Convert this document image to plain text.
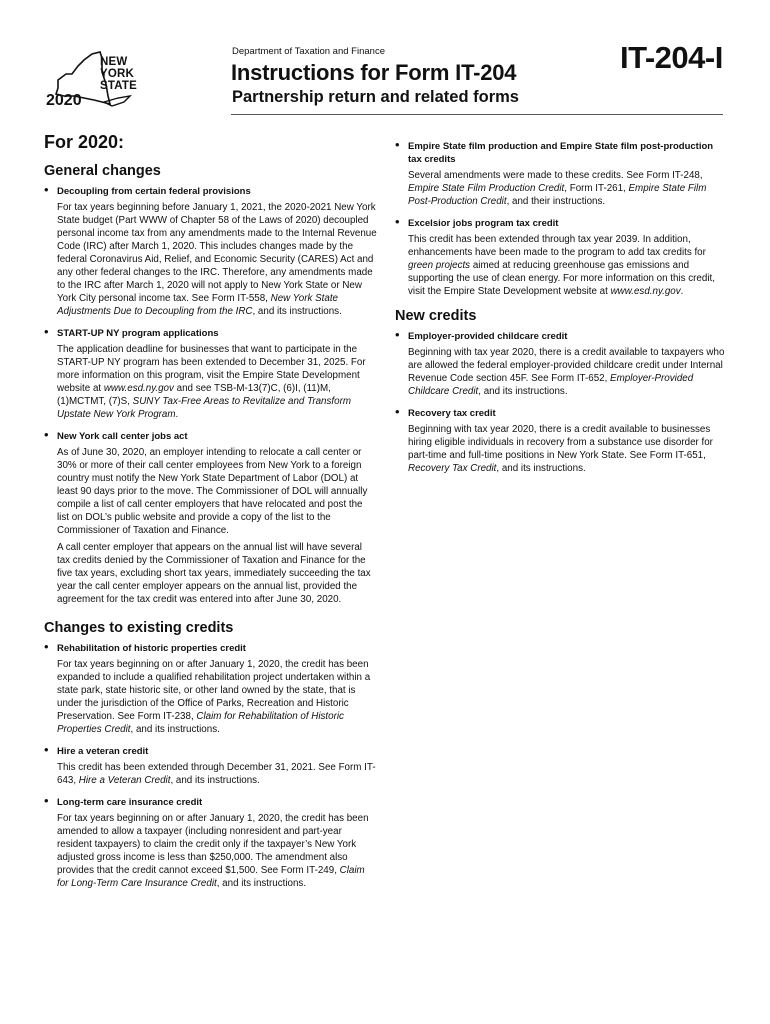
NEW
YORK
STATE
2020
Department of Taxation and Finance
Instructions for Form IT-204
Partnership return and related forms
IT-204-I
For 2020:
General changes
• Decoupling from certain federal provisions

For tax years beginning before January 1, 2021, the 2020-2021 New York State budget (Part WWW of Chapter 58 of the Laws of 2020) decoupled personal income tax from any amendments made to the Internal Revenue Code (IRC) after March 1, 2020. This includes changes made by the federal Coronavirus Aid, Relief, and Economic Security (CARES) Act and any other federal changes to the IRC. Therefore, any amendments made to the IRC after March 1, 2020 will not apply to New York State or New York City personal income tax. See Form IT-558, New York State Adjustments Due to Decoupling from the IRC, and its instructions.

• START-UP NY program applications

The application deadline for businesses that want to participate in the START-UP NY program has been extended to December 31, 2025. For more information on this program, visit the Empire State Development website at www.esd.ny.gov and see TSB-M-13(7)C, (6)I, (11)M, (1)MCTMT, (7)S, SUNY Tax-Free Areas to Revitalize and Transform Upstate New York Program.

• New York call center jobs act

As of June 30, 2020, an employer intending to relocate a call center or 30% or more of their call center employees from New York to a foreign country must notify the New York State Department of Labor (DOL) at least 90 days prior to the move. The Commissioner of DOL will annually compile a list of call center employers that have relocated and post the list on DOL’s public website and provide a copy of the list to the Commissioner of Taxation and Finance.

A call center employer that appears on the annual list will have several tax credits denied by the Commissioner of Taxation and Finance for the five tax years, excluding short tax years, immediately succeeding the tax year the call center employer appears on the annual list, provided the agreement for the tax credit was entered into after June 30, 2020.

Changes to existing credits
• Rehabilitation of historic properties credit

For tax years beginning on or after January 1, 2020, the credit has been expanded to include a qualified rehabilitation project undertaken within a state park, state historic site, or other land owned by the state, that is under the jurisdiction of the Office of Parks, Recreation and Historic Preservation. See Form IT-238, Claim for Rehabilitation of Historic Properties Credit, and its instructions.

• Hire a veteran credit

This credit has been extended through December 31, 2021. See Form IT-643, Hire a Veteran Credit, and its instructions.

• Long-term care insurance credit

For tax years beginning on or after January 1, 2020, the credit has been amended to allow a taxpayer (including nonresident and part-year resident taxpayers) to claim the credit only if the taxpayer’s New York adjusted gross income is less than $250,000. The amendment also provides that the credit cannot exceed $1,500. See Form IT-249, Claim for Long-Term Care Insurance Credit, and its instructions.

• Empire State film production and Empire State film post-production tax credits

Several amendments were made to these credits. See Form IT-248, Empire State Film Production Credit, Form IT-261, Empire State Film Post-Production Credit, and their instructions.

• Excelsior jobs program tax credit

This credit has been extended through tax year 2039. In addition, enhancements have been made to the program to add tax credits for green projects aimed at reducing greenhouse gas emissions and supporting the use of clean energy. For more information on this credit, visit the Empire State Development website at www.esd.ny.gov.

New credits
• Employer-provided childcare credit

Beginning with tax year 2020, there is a credit available to taxpayers who are allowed the federal employer-provided childcare credit under Internal Revenue Code section 45F. See Form IT-652, Employer-Provided Childcare Credit, and its instructions.

• Recovery tax credit

Beginning with tax year 2020, there is a credit available to businesses hiring eligible individuals in recovery from a substance use disorder for part-time and full-time positions in New York State. See Form IT-651, Recovery Tax Credit, and its instructions.
